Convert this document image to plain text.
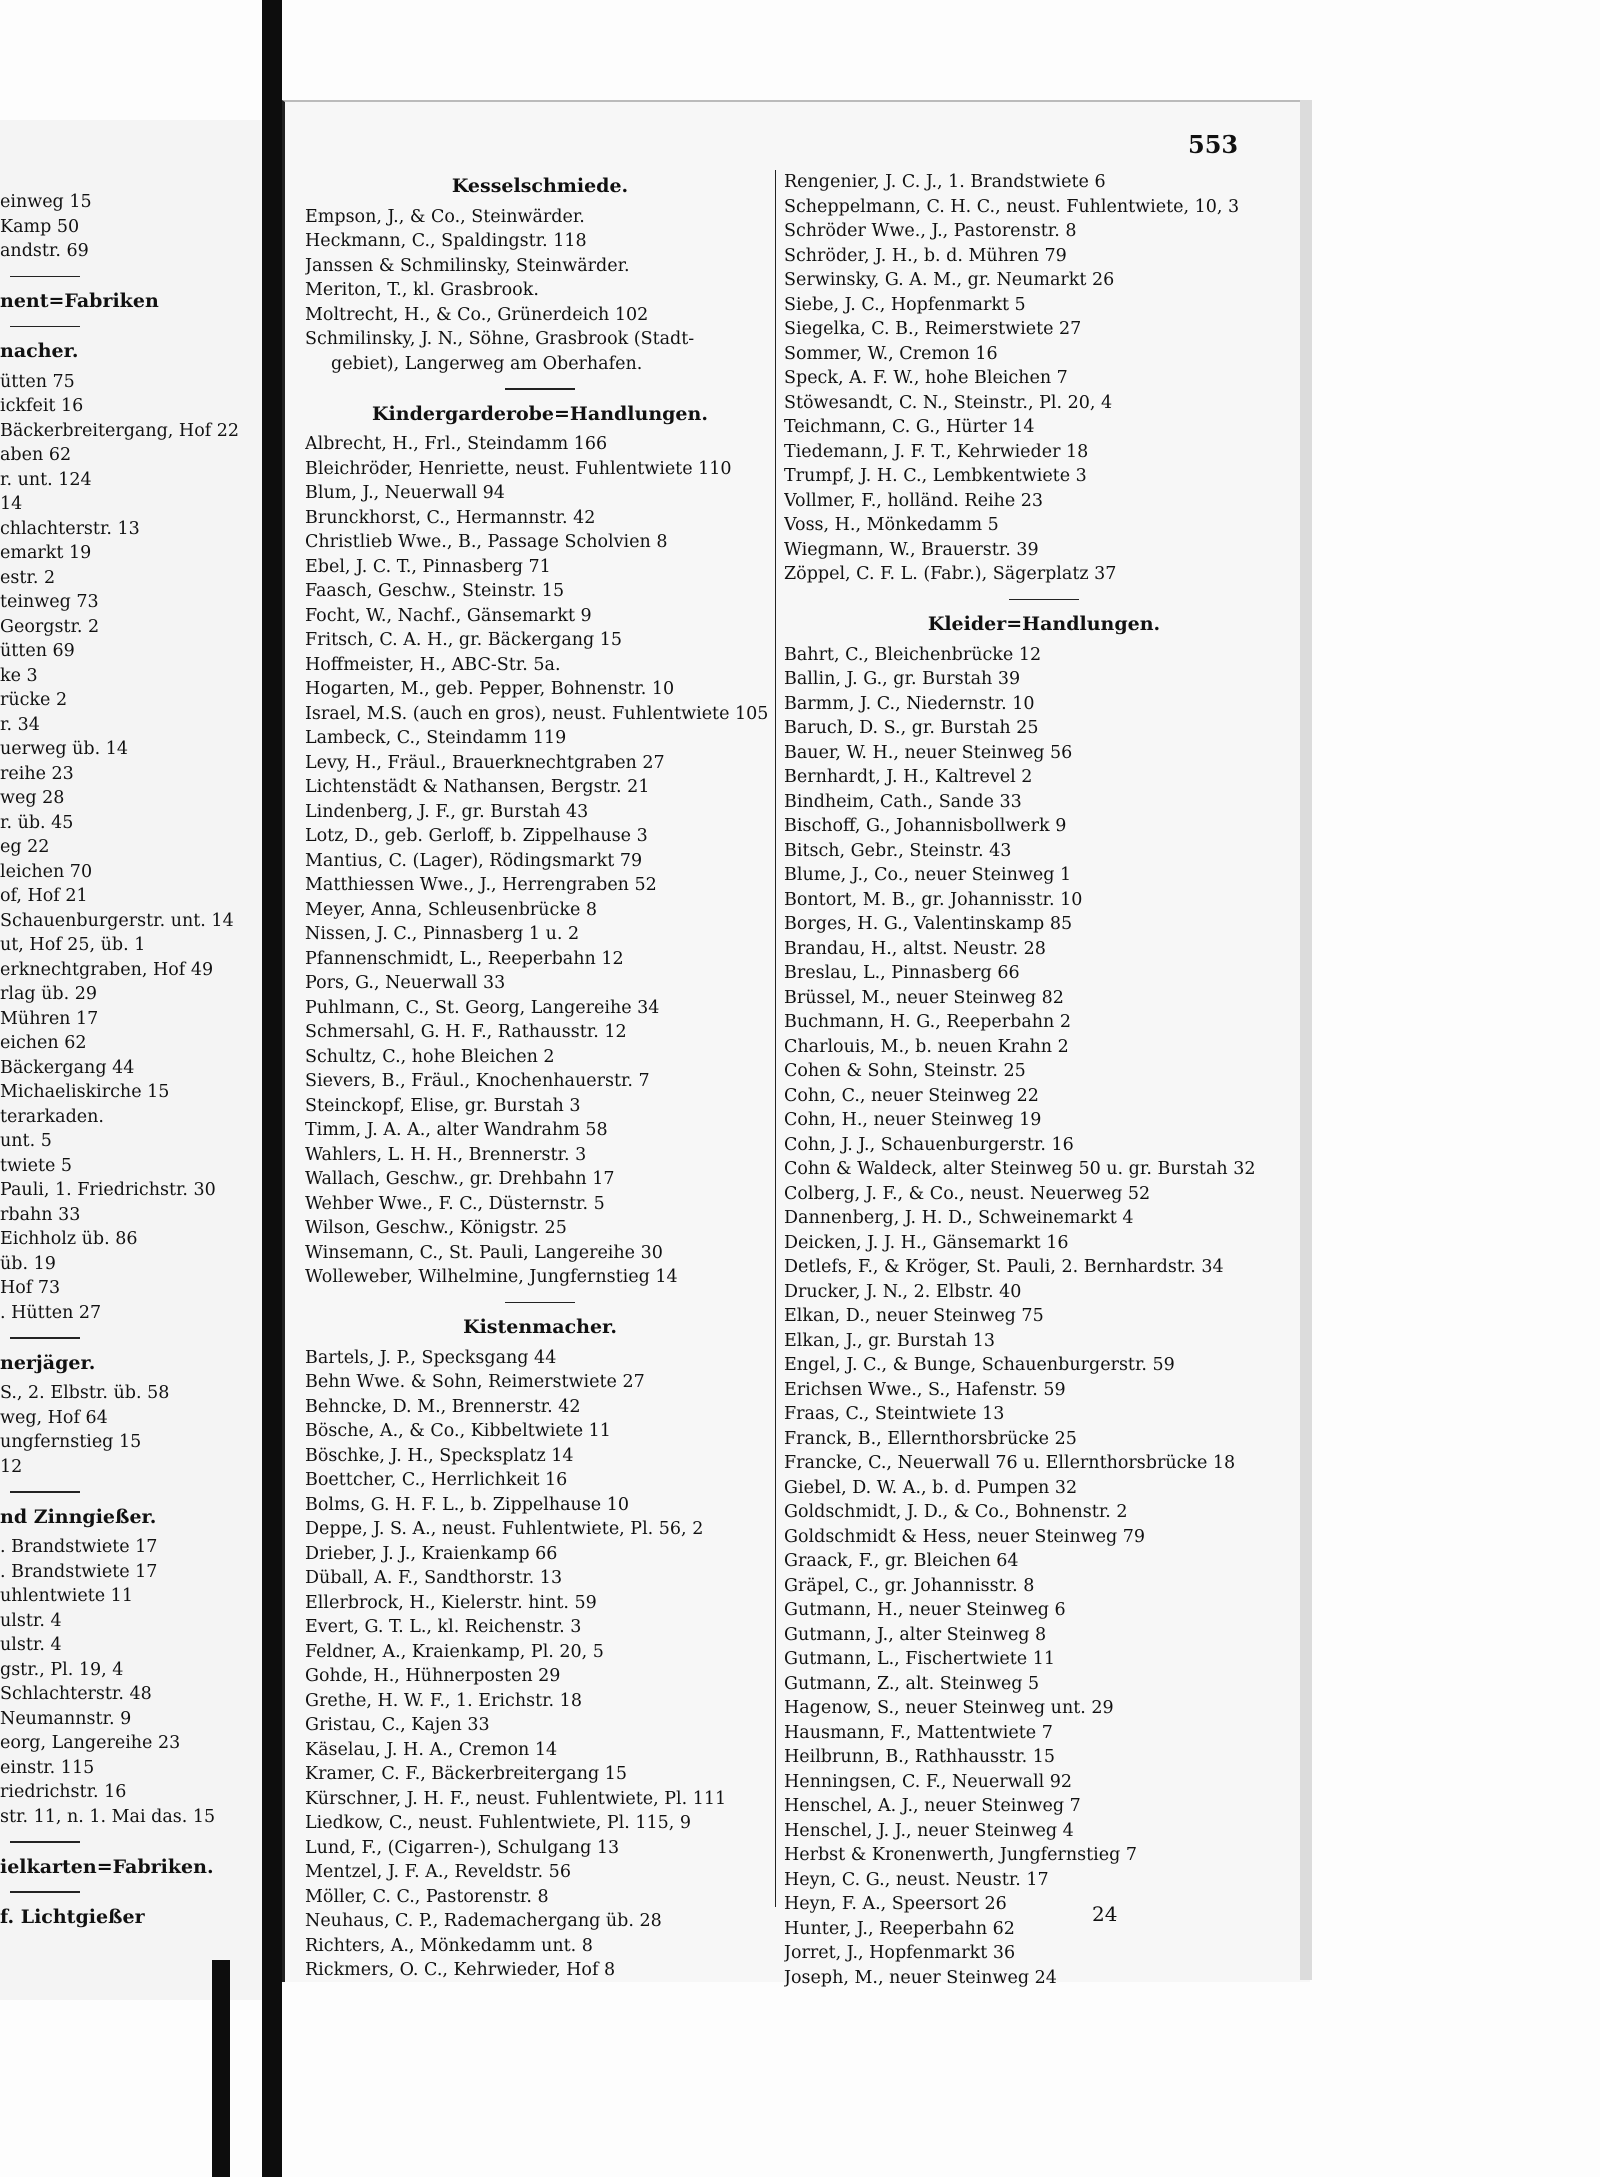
553
einweg 15
Kamp 50
andstr. 69
nent=Fabriken
nacher.
ütten 75
ickfeit 16
Bäckerbreitergang, Hof 22
aben 62
r. unt. 124
14
chlachterstr. 13
emarkt 19
estr. 2
teinweg 73
Georgstr. 2
ütten 69
ke 3
rücke 2
r. 34
uerweg üb. 14
reihe 23
weg 28
r. üb. 45
eg 22
leichen 70
of, Hof 21
Schauenburgerstr. unt. 14
ut, Hof 25, üb. 1
erknechtgraben, Hof 49
rlag üb. 29
Mühren 17
eichen 62
Bäckergang 44
Michaeliskirche 15
terarkaden.
unt. 5
twiete 5
Pauli, 1. Friedrichstr. 30
rbahn 33
Eichholz üb. 86
üb. 19
Hof 73
. Hütten 27
nerjäger.
S., 2. Elbstr. üb. 58
weg, Hof 64
ungfernstieg 15
12
nd Zinngießer.
. Brandstwiete 17
. Brandstwiete 17
uhlentwiete 11
ulstr. 4
ulstr. 4
gstr., Pl. 19, 4
Schlachterstr. 48
Neumannstr. 9
eorg, Langereihe 23
einstr. 115
riedrichstr. 16
str. 11, n. 1. Mai das. 15
ielkarten=Fabriken.
f. Lichtgießer
Kesselschmiede.
Empson, J., & Co., Steinwärder.
Heckmann, C., Spaldingstr. 118
Janssen & Schmilinsky, Steinwärder.
Meriton, T., kl. Grasbrook.
Moltrecht, H., & Co., Grünerdeich 102
Schmilinsky, J. N., Söhne, Grasbrook (Stadt-
gebiet), Langerweg am Oberhafen.
Kindergarderobe=Handlungen.
Albrecht, H., Frl., Steindamm 166
Bleichröder, Henriette, neust. Fuhlentwiete 110
Blum, J., Neuerwall 94
Brunckhorst, C., Hermannstr. 42
Christlieb Wwe., B., Passage Scholvien 8
Ebel, J. C. T., Pinnasberg 71
Faasch, Geschw., Steinstr. 15
Focht, W., Nachf., Gänsemarkt 9
Fritsch, C. A. H., gr. Bäckergang 15
Hoffmeister, H., ABC-Str. 5a.
Hogarten, M., geb. Pepper, Bohnenstr. 10
Israel, M.S. (auch en gros), neust. Fuhlentwiete 105
Lambeck, C., Steindamm 119
Levy, H., Fräul., Brauerknechtgraben 27
Lichtenstädt & Nathansen, Bergstr. 21
Lindenberg, J. F., gr. Burstah 43
Lotz, D., geb. Gerloff, b. Zippelhause 3
Mantius, C. (Lager), Rödingsmarkt 79
Matthiessen Wwe., J., Herrengraben 52
Meyer, Anna, Schleusenbrücke 8
Nissen, J. C., Pinnasberg 1 u. 2
Pfannenschmidt, L., Reeperbahn 12
Pors, G., Neuerwall 33
Puhlmann, C., St. Georg, Langereihe 34
Schmersahl, G. H. F., Rathausstr. 12
Schultz, C., hohe Bleichen 2
Sievers, B., Fräul., Knochenhauerstr. 7
Steinckopf, Elise, gr. Burstah 3
Timm, J. A. A., alter Wandrahm 58
Wahlers, L. H. H., Brennerstr. 3
Wallach, Geschw., gr. Drehbahn 17
Wehber Wwe., F. C., Düsternstr. 5
Wilson, Geschw., Königstr. 25
Winsemann, C., St. Pauli, Langereihe 30
Wolleweber, Wilhelmine, Jungfernstieg 14
Kistenmacher.
Bartels, J. P., Specksgang 44
Behn Wwe. & Sohn, Reimerstwiete 27
Behncke, D. M., Brennerstr. 42
Bösche, A., & Co., Kibbeltwiete 11
Böschke, J. H., Specksplatz 14
Boettcher, C., Herrlichkeit 16
Bolms, G. H. F. L., b. Zippelhause 10
Deppe, J. S. A., neust. Fuhlentwiete, Pl. 56, 2
Drieber, J. J., Kraienkamp 66
Düball, A. F., Sandthorstr. 13
Ellerbrock, H., Kielerstr. hint. 59
Evert, G. T. L., kl. Reichenstr. 3
Feldner, A., Kraienkamp, Pl. 20, 5
Gohde, H., Hühnerposten 29
Grethe, H. W. F., 1. Erichstr. 18
Gristau, C., Kajen 33
Käselau, J. H. A., Cremon 14
Kramer, C. F., Bäckerbreitergang 15
Kürschner, J. H. F., neust. Fuhlentwiete, Pl. 111
Liedkow, C., neust. Fuhlentwiete, Pl. 115, 9
Lund, F., (Cigarren-), Schulgang 13
Mentzel, J. F. A., Reveldstr. 56
Möller, C. C., Pastorenstr. 8
Neuhaus, C. P., Rademachergang üb. 28
Richters, A., Mönkedamm unt. 8
Rickmers, O. C., Kehrwieder, Hof 8
Rengenier, J. C. J., 1. Brandstwiete 6
Scheppelmann, C. H. C., neust. Fuhlentwiete, 10, 3
Schröder Wwe., J., Pastorenstr. 8
Schröder, J. H., b. d. Mühren 79
Serwinsky, G. A. M., gr. Neumarkt 26
Siebe, J. C., Hopfenmarkt 5
Siegelka, C. B., Reimerstwiete 27
Sommer, W., Cremon 16
Speck, A. F. W., hohe Bleichen 7
Stöwesandt, C. N., Steinstr., Pl. 20, 4
Teichmann, C. G., Hürter 14
Tiedemann, J. F. T., Kehrwieder 18
Trumpf, J. H. C., Lembkentwiete 3
Vollmer, F., holländ. Reihe 23
Voss, H., Mönkedamm 5
Wiegmann, W., Brauerstr. 39
Zöppel, C. F. L. (Fabr.), Sägerplatz 37
Kleider=Handlungen.
Bahrt, C., Bleichenbrücke 12
Ballin, J. G., gr. Burstah 39
Barmm, J. C., Niedernstr. 10
Baruch, D. S., gr. Burstah 25
Bauer, W. H., neuer Steinweg 56
Bernhardt, J. H., Kaltrevel 2
Bindheim, Cath., Sande 33
Bischoff, G., Johannisbollwerk 9
Bitsch, Gebr., Steinstr. 43
Blume, J., Co., neuer Steinweg 1
Bontort, M. B., gr. Johannisstr. 10
Borges, H. G., Valentinskamp 85
Brandau, H., altst. Neustr. 28
Breslau, L., Pinnasberg 66
Brüssel, M., neuer Steinweg 82
Buchmann, H. G., Reeperbahn 2
Charlouis, M., b. neuen Krahn 2
Cohen & Sohn, Steinstr. 25
Cohn, C., neuer Steinweg 22
Cohn, H., neuer Steinweg 19
Cohn, J. J., Schauenburgerstr. 16
Cohn & Waldeck, alter Steinweg 50 u. gr. Burstah 32
Colberg, J. F., & Co., neust. Neuerweg 52
Dannenberg, J. H. D., Schweinemarkt 4
Deicken, J. J. H., Gänsemarkt 16
Detlefs, F., & Kröger, St. Pauli, 2. Bernhardstr. 34
Drucker, J. N., 2. Elbstr. 40
Elkan, D., neuer Steinweg 75
Elkan, J., gr. Burstah 13
Engel, J. C., & Bunge, Schauenburgerstr. 59
Erichsen Wwe., S., Hafenstr. 59
Fraas, C., Steintwiete 13
Franck, B., Ellernthorsbrücke 25
Francke, C., Neuerwall 76 u. Ellernthorsbrücke 18
Giebel, D. W. A., b. d. Pumpen 32
Goldschmidt, J. D., & Co., Bohnenstr. 2
Goldschmidt & Hess, neuer Steinweg 79
Graack, F., gr. Bleichen 64
Gräpel, C., gr. Johannisstr. 8
Gutmann, H., neuer Steinweg 6
Gutmann, J., alter Steinweg 8
Gutmann, L., Fischertwiete 11
Gutmann, Z., alt. Steinweg 5
Hagenow, S., neuer Steinweg unt. 29
Hausmann, F., Mattentwiete 7
Heilbrunn, B., Rathhausstr. 15
Henningsen, C. F., Neuerwall 92
Henschel, A. J., neuer Steinweg 7
Henschel, J. J., neuer Steinweg 4
Herbst & Kronenwerth, Jungfernstieg 7
Heyn, C. G., neust. Neustr. 17
Heyn, F. A., Speersort 26
Hunter, J., Reeperbahn 62
Jorret, J., Hopfenmarkt 36
Joseph, M., neuer Steinweg 24
24
